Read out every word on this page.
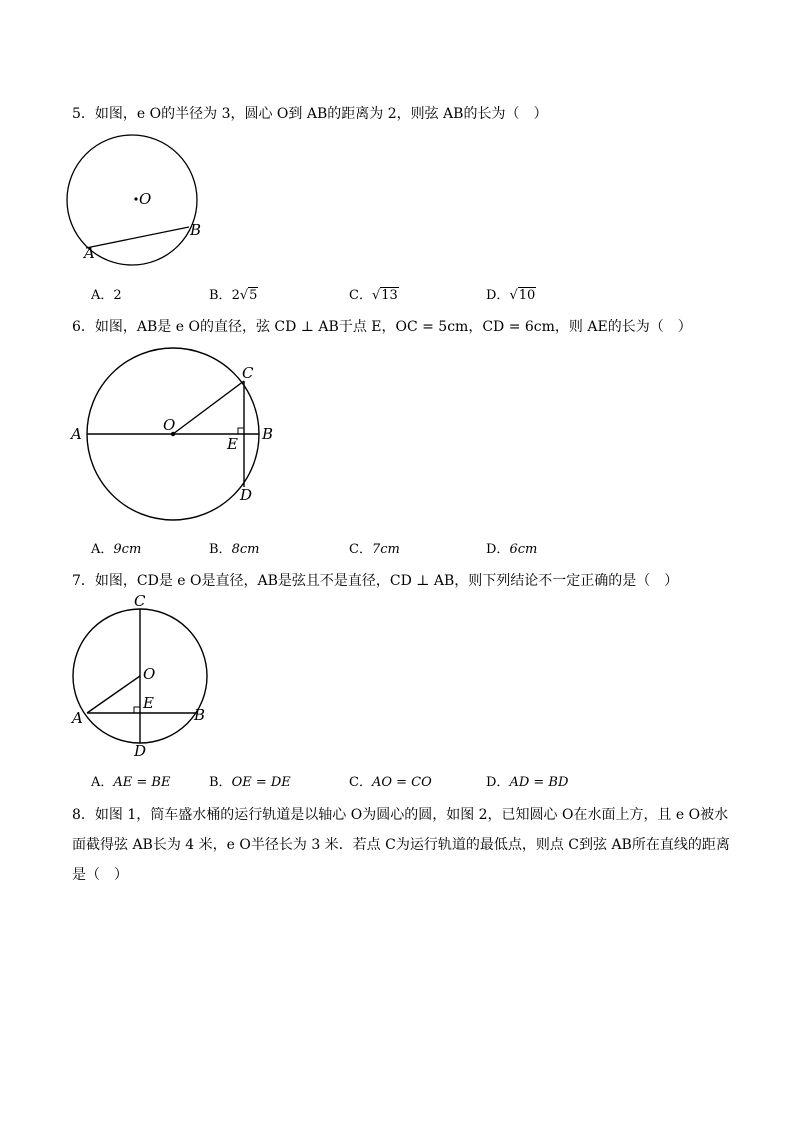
5．如图，e O的半径为 3，圆心 O到 AB的距离为 2，则弦 AB的长为（　）
O
A
B
A．2	B．2√5	C．√13	D．√10
6．如图，AB是 e O的直径，弦 CD ⊥ AB于点 E，OC = 5cm，CD = 6cm，则 AE的长为（　）
A	B
C
D
E
O
A．9cm	B．8cm	C．7cm	D．6cm
7．如图，CD是 e O是直径，AB是弦且不是直径，CD ⊥ AB，则下列结论不一定正确的是（　）
C
O
E
A	B
D
A．AE = BE	B．OE = DE	C．AO = CO	D．AD = BD
8．如图 1，筒车盛水桶的运行轨道是以轴心 O为圆心的圆，如图 2，已知圆心 O在水面上方，且 e O被水
面截得弦 AB长为 4 米，e O半径长为 3 米．若点 C为运行轨道的最低点，则点 C到弦 AB所在直线的距离
是（　）
